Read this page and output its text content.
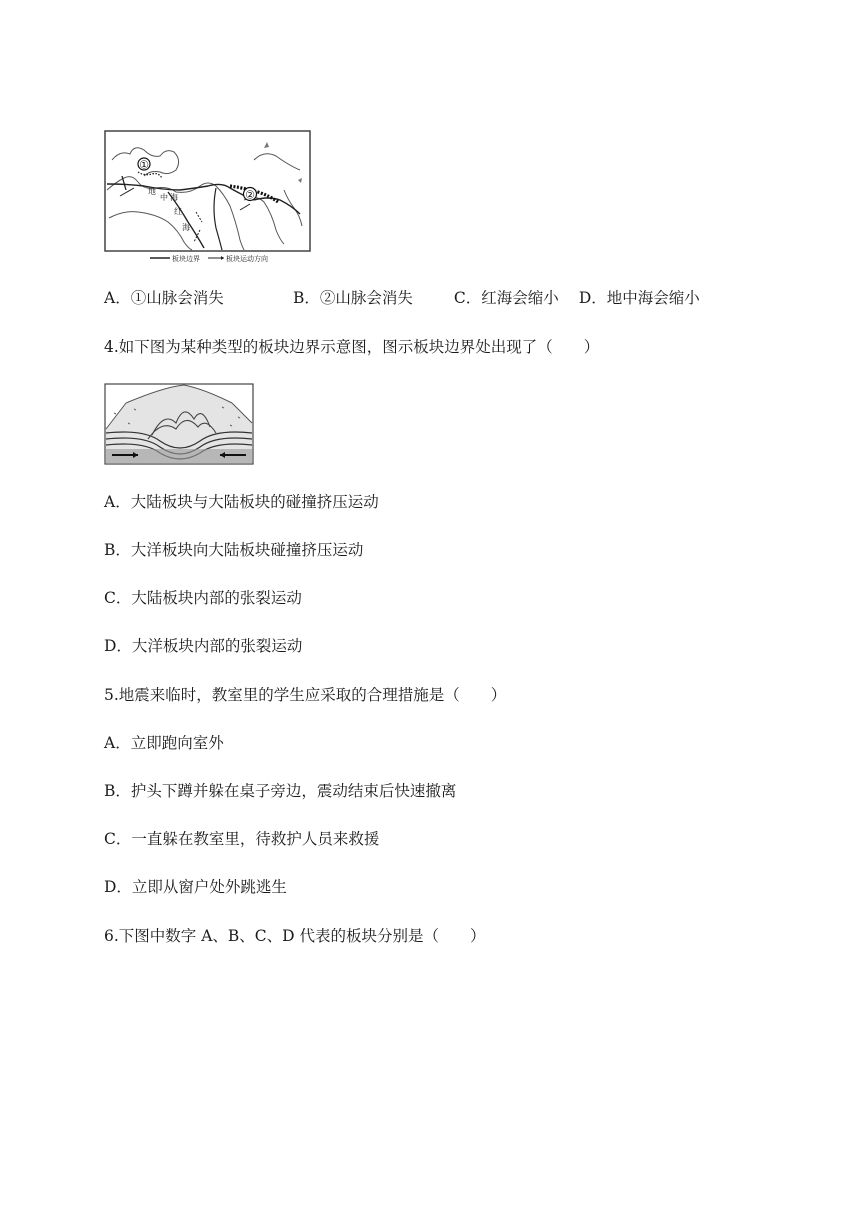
①
②
地
中 海
红
海
板块边界	板块运动方向
A．①山脉会消失	B．②山脉会消失	C．红海会缩小 D．地中海会缩小
4.如下图为某种类型的板块边界示意图，图示板块边界处出现了（　　）
A．大陆板块与大陆板块的碰撞挤压运动
B．大洋板块向大陆板块碰撞挤压运动
C．大陆板块内部的张裂运动
D．大洋板块内部的张裂运动
5.地震来临时，教室里的学生应采取的合理措施是（　　）
A．立即跑向室外
B．护头下蹲并躲在桌子旁边，震动结束后快速撤离
C．一直躲在教室里，待救护人员来救援
D．立即从窗户处外跳逃生
6.下图中数字 A、B、C、D 代表的板块分别是（　　）
